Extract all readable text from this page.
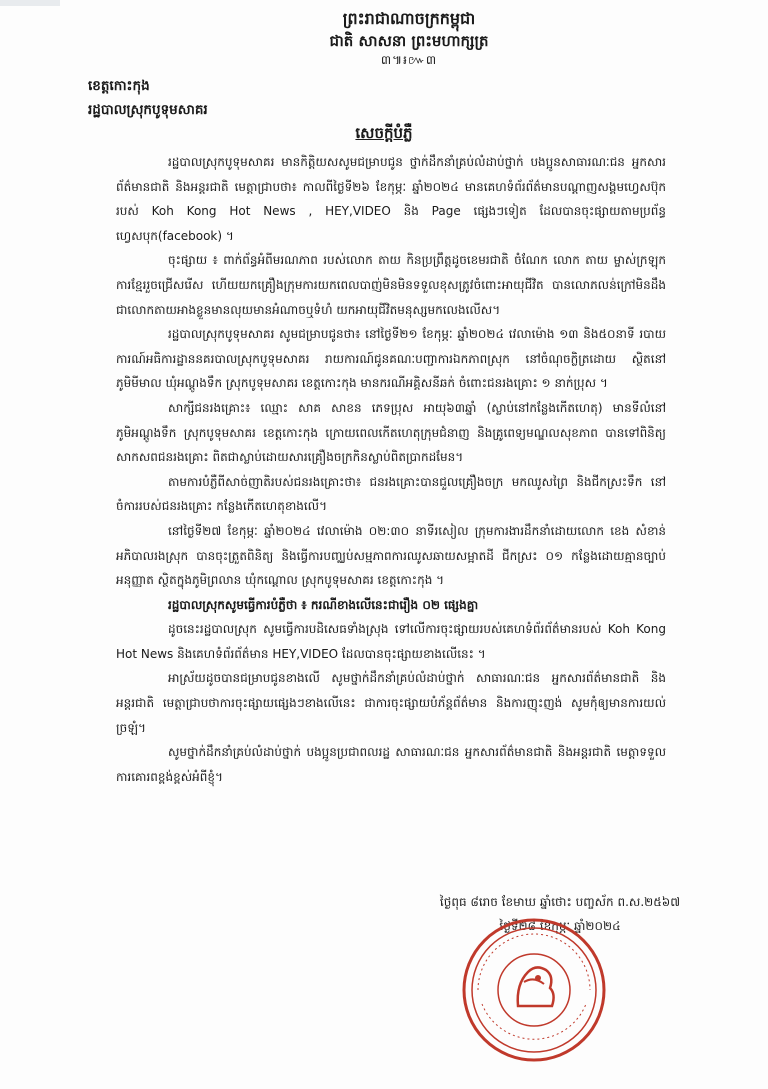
ព្រះរាជាណាចក្រកម្ពុជា
ជាតិ សាសនា ព្រះមហាក្សត្រ
៣៕៛៚៣
ខេត្តកោះកុង
រដ្ឋបាលស្រុកបូទុមសាគរ
សេចក្តីបំភ្លឺ

រដ្ឋបាលស្រុកបូទុមសាគរ មានកិត្តិយសសូមជម្រាបជូន ថ្នាក់ដឹកនាំគ្រប់លំដាប់ថ្នាក់ បងប្អូនសាធារណៈជន អ្នកសារព័ត៌មានជាតិ និងអន្តរជាតិ មេត្តាជ្រាបថា៖ កាលពីថ្ងៃទី២៦ ខែកុម្ភៈ ឆ្នាំ២០២៤ មានគេហទំព័រព័ត៌មានបណ្តាញសង្គមហ្វេសប៊ុករបស់ Koh Kong Hot News , HEY,VIDEO និង Page ផ្សេងៗទៀត ដែលបានចុះផ្សាយតាមប្រព័ន្ធហ្វេសបុក(facebook) ។

ចុះផ្សាយ ៖ ពាក់ព័ន្ធអំពីមរណភាព របស់លោក តាយ កិនប្រព្រឹត្តដូចខេមរជាតិ ចំណែក លោក តាយ ម្ចាស់ក្រឡុកការខ្មែររួចជ្រើសរើស ហើយយកគ្រឿងក្រុមការយកពេលបាញ់មិនមិនទទួលខុសត្រូវចំពោះអាយុជីវិត បានលោភលន់ក្រៅមិនដឹងជាលោកតាយអាងខ្លួនមានលុយមានអំណាចឬទំហំ យកអាយុជីវិតមនុស្សមកលេងលើស។

រដ្ឋបាលស្រុកបូទុមសាគរ សូមជម្រាបជូនថា៖ នៅថ្ងៃទី២១ ខែកុម្ភៈ ឆ្នាំ២០២៤ វេលាម៉ោង ១៣ និង៥០នាទី របាយការណ៍អធិការដ្ឋាននគរបាលស្រុកបូទុមសាគរ រាយការណ៍ជូនគណៈបញ្ជាការឯកភាពស្រុក នៅចំណុចក្លិត្រដោយ ស្ថិតនៅភូមិមីមាល ឃុំអណ្តូងទឹក ស្រុកបូទុមសាគរ ខេត្តកោះកុង មានករណីអគ្គិសនីឆក់ ចំពោះជនរងគ្រោះ ១ នាក់ប្រុស ។

សាក្សីជនរងគ្រោះ៖ ឈ្មោះ សាគ សាខន ភេទប្រុស អាយុ៦៣ឆ្នាំ (ស្លាប់នៅកន្លែងកើតហេតុ) មានទីលំនៅភូមិអណ្តូងទឹក ស្រុកបូទុមសាគរ ខេត្តកោះកុង ក្រោយពេលកើតហេតុក្រុមជំនាញ និងគ្រូពេទ្យមណ្ឌលសុខភាព បានទៅពិនិត្យសាកសពជនរងគ្រោះ ពិតជាស្លាប់ដោយសារគ្រឿងចក្រកិនស្លាប់ពិតប្រាកដមែន។

តាមការបំភ្លឺពីសាច់ញាតិរបស់ជនរងគ្រោះថា៖ ជនរងគ្រោះបានជួលគ្រឿងចក្រ មកឈូសព្រៃ និងជីកស្រះទឹក នៅចំការរបស់ជនរងគ្រោះ កន្លែងកើតហេតុខាងលើ។

នៅថ្ងៃទី២៧ ខែកុម្ភៈ ឆ្នាំ២០២៤ វេលាម៉ោង ០២:៣០ នាទីរសៀល ក្រុមការងារដឹកនាំដោយលោក ខេង សំខាន់ អភិបាលរងស្រុក បានចុះត្រួតពិនិត្យ និងធ្វើការបញ្ឈប់សម្មភាពការឈូសឆាយសម្អាតដី ជីកស្រះ ០១ កន្លែងដោយគ្មានច្បាប់អនុញ្ញាត ស្ថិតក្នុងភូមិព្រលាន ឃុំកណ្តោល ស្រុកបូទុមសាគរ ខេត្តកោះកុង ។

រដ្ឋបាលស្រុកសូមធ្វើការបំភ្លឺថា ៖ ករណីខាងលើនេះជារឿង ០២ ផ្សេងគ្នា

ដូចនេះរដ្ឋបាលស្រុក សូមធ្វើការបដិសេធទាំងស្រុង ទៅលើការចុះផ្សាយរបស់គេហទំព័រព័ត៌មានរបស់ Koh Kong Hot News និងគេហទំព័រព័ត៌មាន HEY,VIDEO ដែលបានចុះផ្សាយខាងលើនេះ ។

អាស្រ័យដូចបានជម្រាបជូនខាងលើ សូមថ្នាក់ដឹកនាំគ្រប់លំដាប់ថ្នាក់ សាធារណៈជន អ្នកសារព័ត៌មានជាតិ និងអន្តរជាតិ មេត្តាជ្រាបថាការចុះផ្សាយផ្សេងៗខាងលើនេះ ជាការចុះផ្សាយបំភ័ន្តព័ត៌មាន និងការញុះញង់ សូមកុំឲ្យមានការយល់ច្រឡំ។

សូមថ្នាក់ដឹកនាំគ្រប់លំដាប់ថ្នាក់ បងប្អូនប្រជាពលរដ្ឋ សាធារណៈជន អ្នកសារព័ត៌មានជាតិ និងអន្តរជាតិ មេត្តាទទួលការគោរពខ្ពង់ខ្ពស់អំពីខ្ញុំ។

ថ្ងៃពុធ ៨រោច ខែមាឃ ឆ្នាំថោះ បញ្ចស័ក ព.ស.២៥៦៧
ថ្ងៃទី២៨ ខែកុម្ភៈ ឆ្នាំ២០២៤
